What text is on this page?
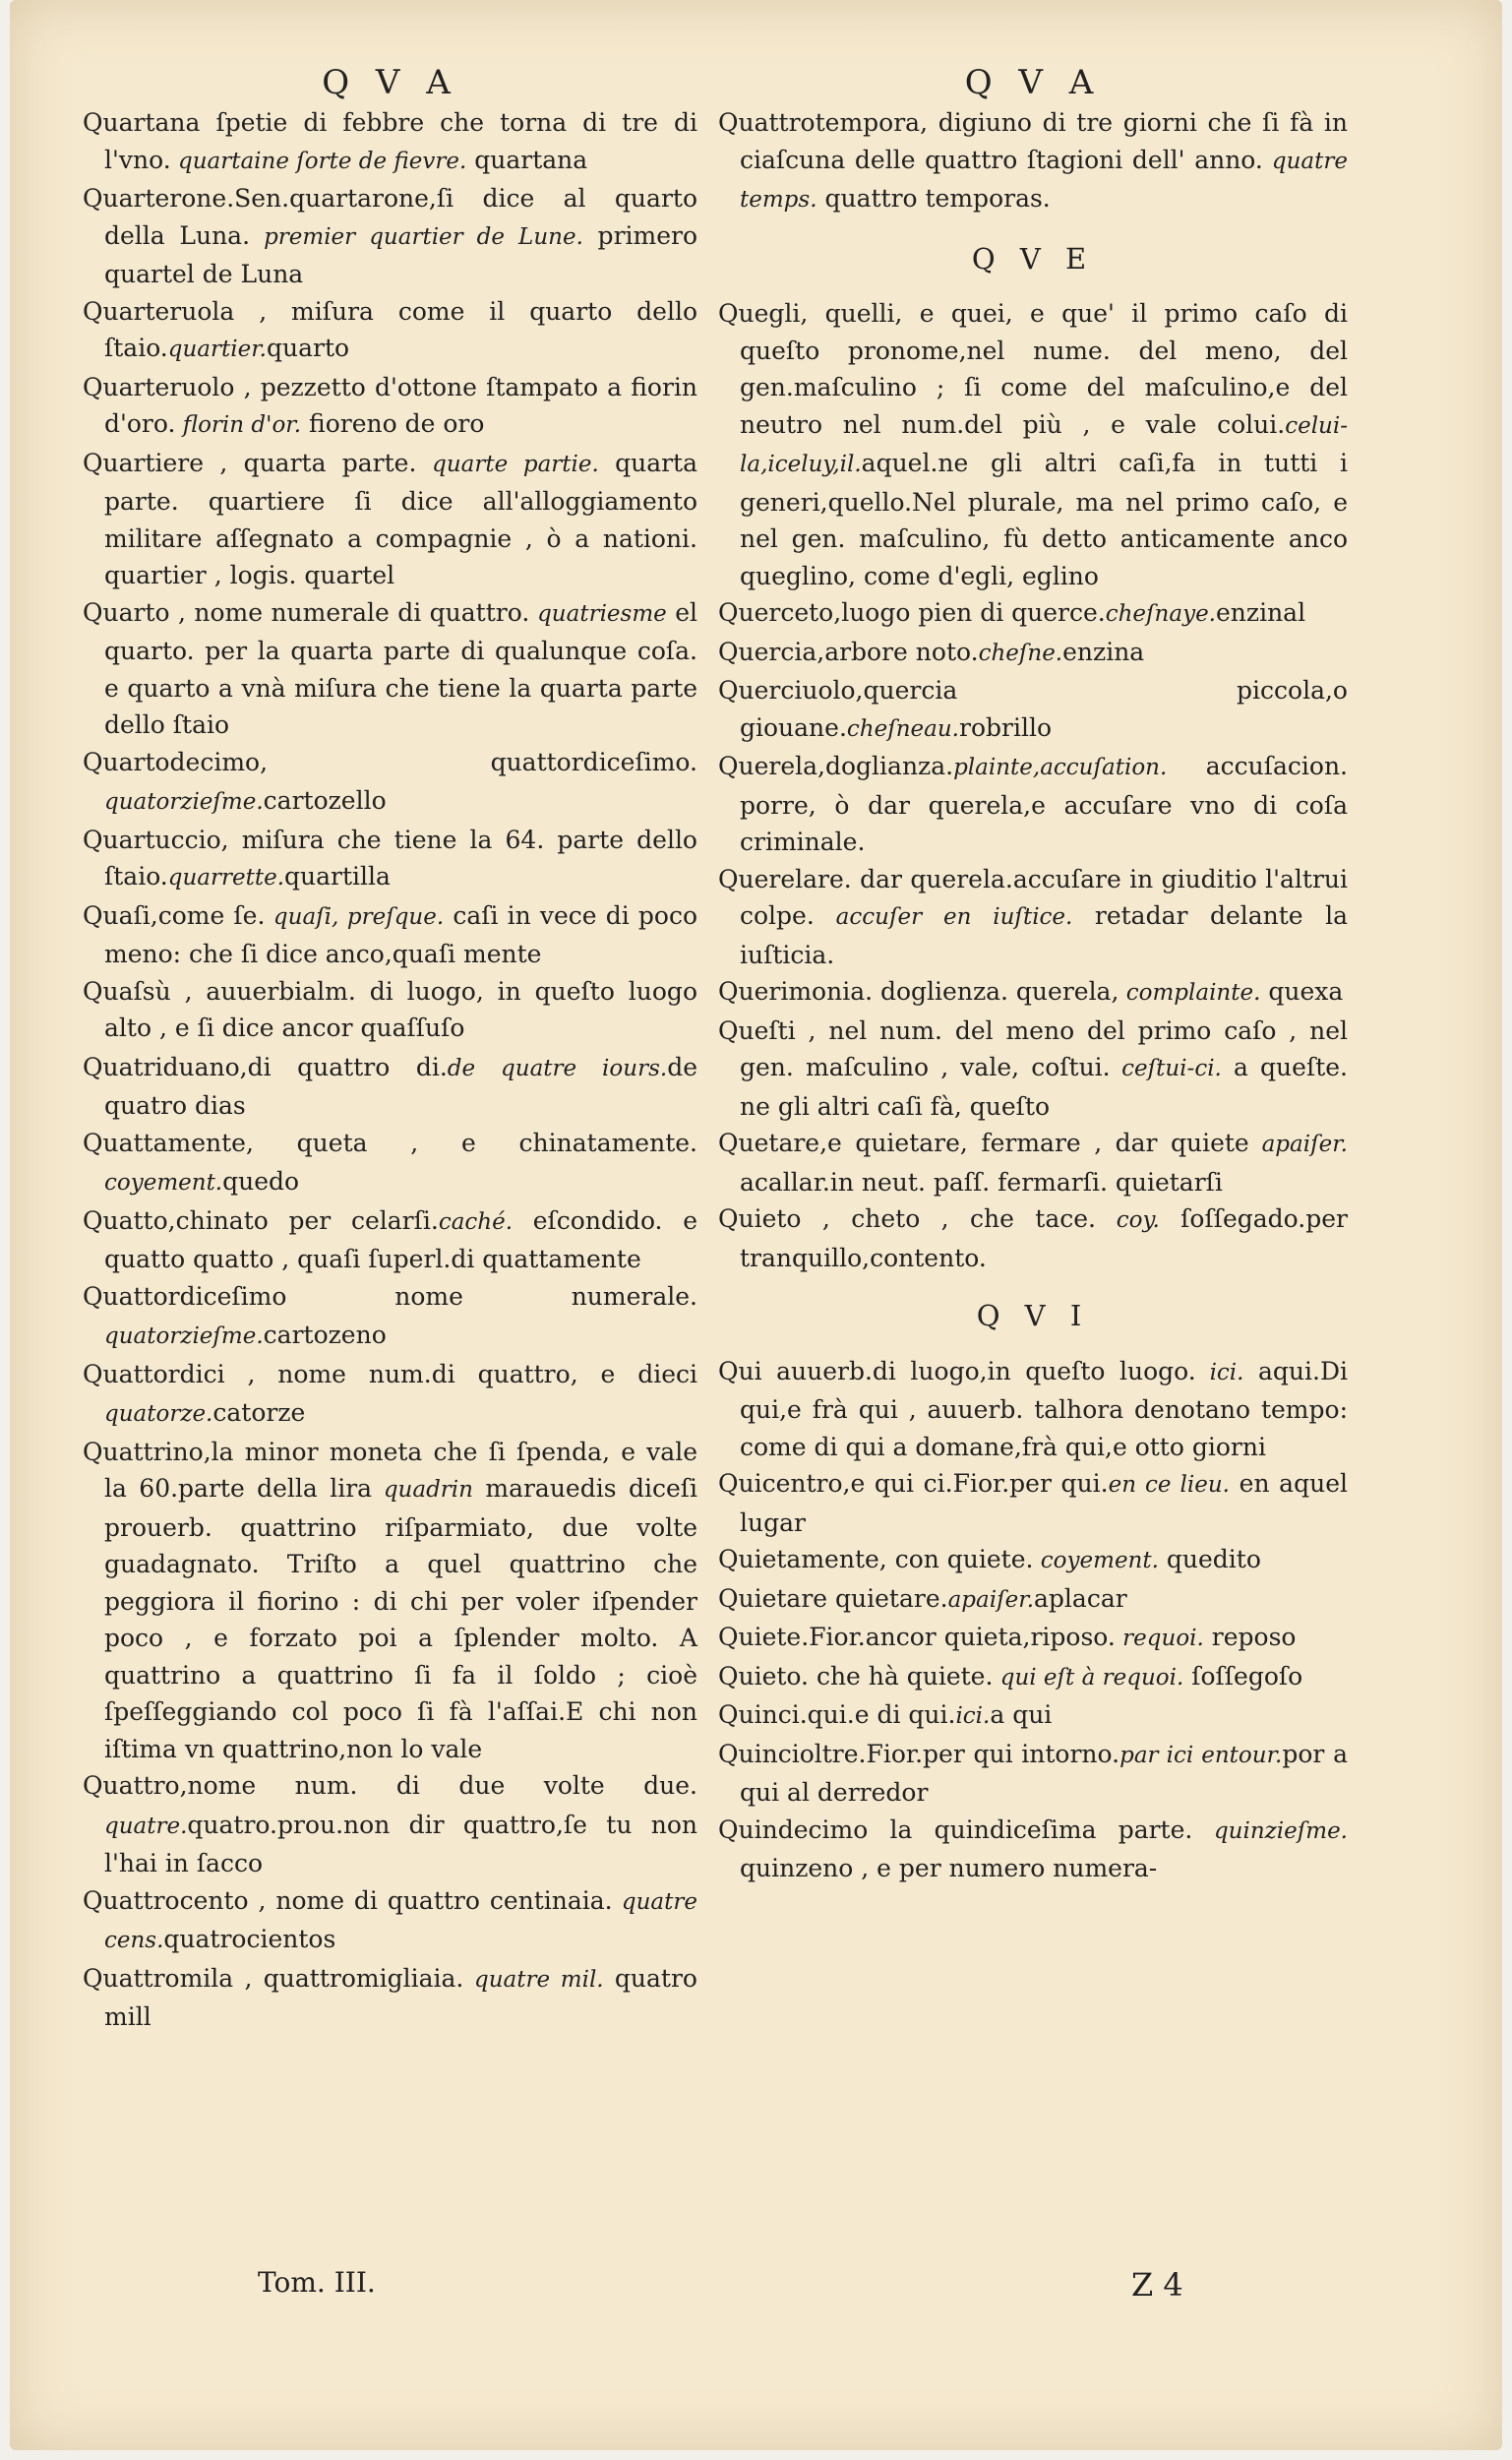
Q V A

Quartana ſpetie di febbre che torna di tre di l'vno. quartaine ſorte de fievre. quartana

Quarterone.Sen.quartarone,ſi dice al quarto della Luna. premier quartier de Lune. primero quartel de Luna

Quarteruola , miſura come il quarto dello ſtaio.quartier.quarto

Quarteruolo , pezzetto d'ottone ſtampato a fiorin d'oro. florin d'or. fioreno de oro

Quartiere , quarta parte. quarte partie. quarta parte. quartiere ſi dice all'alloggiamento militare aſſegnato a compagnie , ò a nationi. quartier , logis. quartel

Quarto , nome numerale di quattro. quatriesme el quarto. per la quarta parte di qualunque coſa. e quarto a vnà miſura che tiene la quarta parte dello ſtaio

Quartodecimo, quattordiceſimo. quatorzieſme.cartozello

Quartuccio, miſura che tiene la 64. parte dello ſtaio.quarrette.quartilla

Quaſi,come ſe. quaſi, preſque. caſi in vece di poco meno: che ſi dice anco,quaſi mente

Quaſsù , auuerbialm. di luogo, in queſto luogo alto , e ſi dice ancor quaſſuſo

Quatriduano,di quattro di.de quatre iours.de quatro dias

Quattamente, queta , e chinatamente. coyement.quedo

Quatto,chinato per celarſi.caché. eſcondido. e quatto quatto , quaſi ſuperl.di quattamente

Quattordiceſimo nome numerale. quatorzieſme.cartozeno

Quattordici , nome num.di quattro, e dieci quatorze.catorze

Quattrino,la minor moneta che ſi ſpenda, e vale la 60.parte della lira quadrin marauedis diceſi prouerb. quattrino riſparmiato, due volte guadagnato. Triſto a quel quattrino che peggiora il fiorino : di chi per voler iſpender poco , e forzato poi a ſplender molto. A quattrino a quattrino ſi fa il ſoldo ; cioè ſpeſſeggiando col poco ſi fà l'aſſai.E chi non iſtima vn quattrino,non lo vale

Quattro,nome num. di due volte due. quatre.quatro.prou.non dir quattro,ſe tu non l'hai in ſacco

Quattrocento , nome di quattro centinaia. quatre cens.quatrocientos

Quattromila , quattromigliaia. quatre mil. quatro mill

Q V A

Quattrotempora, digiuno di tre giorni che ſi fà in ciaſcuna delle quattro ſtagioni dell' anno. quatre temps. quattro temporas.

Q V E

Quegli, quelli, e quei, e que' il primo caſo di queſto pronome,nel nume. del meno, del gen.maſculino ; ſi come del maſculino,e del neutro nel num.del più , e vale colui.celui-la,iceluy,il.aquel.ne gli altri caſi,fa in tutti i generi,quello.Nel plurale, ma nel primo caſo, e nel gen. maſculino, fù detto anticamente anco queglino, come d'egli, eglino

Querceto,luogo pien di querce.cheſnaye.enzinal

Quercia,arbore noto.cheſne.enzina

Querciuolo,quercia piccola,o giouane.cheſneau.robrillo

Querela,doglianza.plainte,accuſation. accuſacion. porre, ò dar querela,e accuſare vno di coſa criminale.

Querelare. dar querela.accuſare in giuditio l'altrui colpe. accuſer en iuſtice. retadar delante la iuſticia.

Querimonia. doglienza. querela, complainte. quexa

Queſti , nel num. del meno del primo caſo , nel gen. maſculino , vale, coſtui. ceſtui-ci. a queſte. ne gli altri caſi fà, queſto

Quetare,e quietare, fermare , dar quiete apaiſer. acallar.in neut. paſſ. fermarſi. quietarſi

Quieto , cheto , che tace. coy. ſoſſegado.per tranquillo,contento.

Q V I

Qui auuerb.di luogo,in queſto luogo. ici. aqui.Di qui,e frà qui , auuerb. talhora denotano tempo: come di qui a domane,frà qui,e otto giorni

Quicentro,e qui ci.Fior.per qui.en ce lieu. en aquel lugar

Quietamente, con quiete. coyement. quedito

Quietare quietare.apaiſer.aplacar

Quiete.Fior.ancor quieta,riposo. requoi. reposo

Quieto. che hà quiete. qui eſt à requoi. ſoſſegoſo

Quinci.qui.e di qui.ici.a qui

Quincioltre.Fior.per qui intorno.par ici entour.por a qui al derredor

Quindecimo la quindiceſima parte. quinzieſme. quinzeno , e per numero numera-

Tom. III.	Z 4
